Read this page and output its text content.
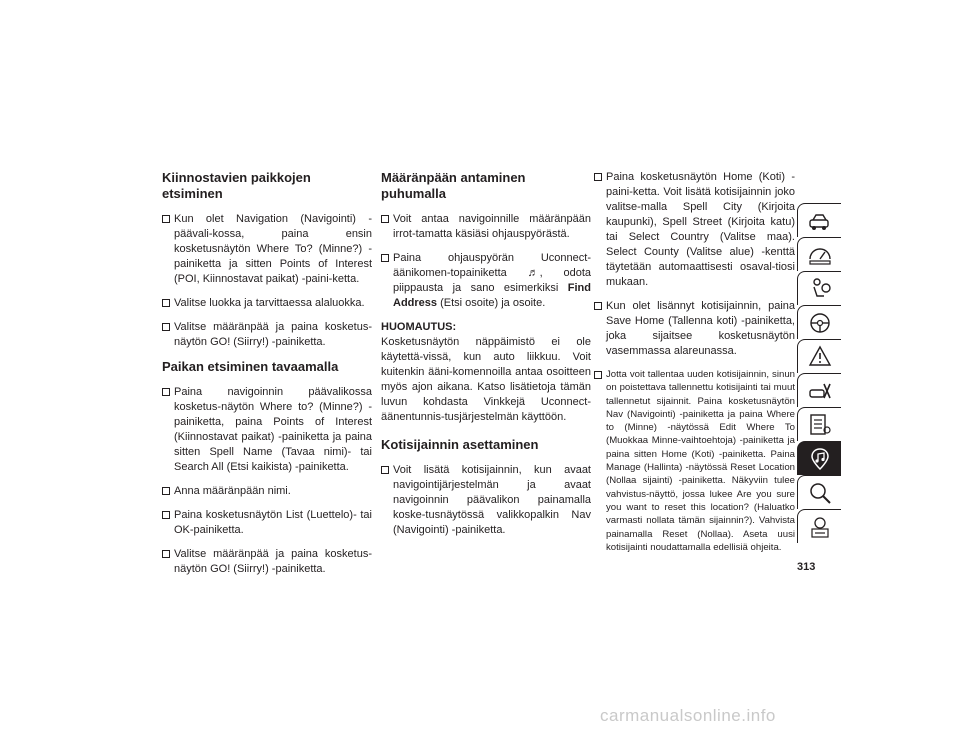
Kiinnostavien paikkojen etsiminen

Kun olet Navigation (Navigointi) -päävali-kossa, paina ensin kosketusnäytön Where To? (Minne?) -painiketta ja sitten Points of Interest (POI, Kiinnostavat paikat) -paini-ketta.

Valitse luokka ja tarvittaessa alaluokka.

Valitse määränpää ja paina kosketus-näytön GO! (Siirry!) -painiketta.

Paikan etsiminen tavaamalla

Paina navigoinnin päävalikossa kosketus-näytön Where to? (Minne?) -painiketta, paina Points of Interest (Kiinnostavat paikat) -painiketta ja paina sitten Spell Name (Tavaa nimi)- tai Search All (Etsi kaikista) -painiketta.

Anna määränpään nimi.

Paina kosketusnäytön List (Luettelo)- tai OK-painiketta.

Valitse määränpää ja paina kosketus-näytön GO! (Siirry!) -painiketta.

Määränpään antaminen puhumalla

Voit antaa navigoinnille määränpään irrot-tamatta käsiäsi ohjauspyörästä.

Paina ohjauspyörän Uconnect-äänikomen-topainiketta ♬, odota piippausta ja sano esimerkiksi Find Address (Etsi osoite) ja osoite.

HUOMAUTUS:

Kosketusnäytön näppäimistö ei ole käytettä-vissä, kun auto liikkuu. Voit kuitenkin ääni-komennoilla antaa osoitteen myös ajon aikana. Katso lisätietoja tämän luvun kohdasta Vinkkejä Uconnect-äänentunnis-tusjärjestelmän käyttöön.

Kotisijainnin asettaminen

Voit lisätä kotisijainnin, kun avaat navigointijärjestelmän ja avaat navigoinnin päävalikon painamalla koske-tusnäytössä valikkopalkin Nav (Navigointi) -painiketta.

Paina kosketusnäytön Home (Koti) -paini-ketta. Voit lisätä kotisijainnin joko valitse-malla Spell City (Kirjoita kaupunki), Spell Street (Kirjoita katu) tai Select Country (Valitse maa). Select County (Valitse alue) -kenttä täytetään automaattisesti osaval-tiosi mukaan.

Kun olet lisännyt kotisijainnin, paina Save Home (Tallenna koti) -painiketta, joka sijaitsee kosketusnäytön vasemmassa alareunassa.

Jotta voit tallentaa uuden kotisijainnin, sinun on poistettava tallennettu kotisijainti tai muut tallennetut sijainnit. Paina kosketusnäytön Nav (Navigointi) -painiketta ja paina Where to (Minne) -näytössä Edit Where To (Muokkaa Minne-vaihtoehtoja) -painiketta ja paina sitten Home (Koti) -painiketta. Paina Manage (Hallinta) -näytössä Reset Location (Nollaa sijainti) -painiketta. Näkyviin tulee vahvistus-näyttö, jossa lukee Are you sure you want to reset this location? (Haluatko varmasti nollata tämän sijainnin?). Vahvista painamalla Reset (Nollaa). Aseta uusi kotisijainti noudattamalla edellisiä ohjeita.

313
carmanualsonline.info
